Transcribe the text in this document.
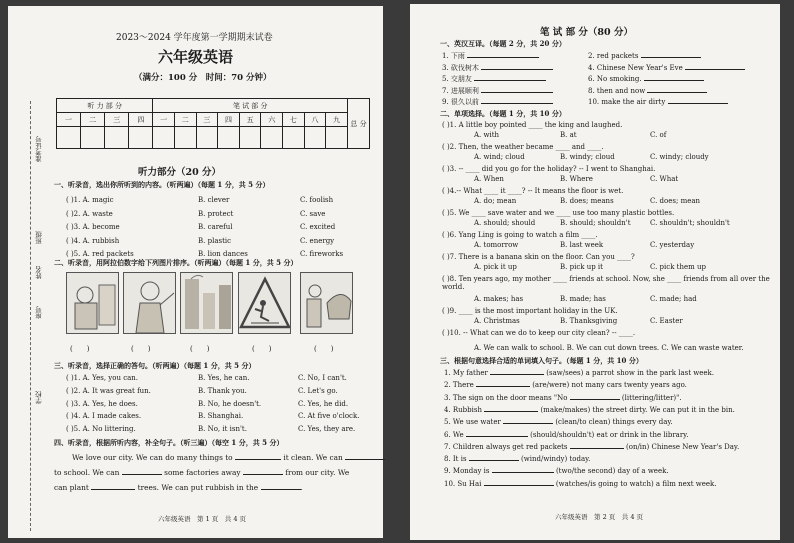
2023～2024 学年度第一学期期末试卷
六年级英语
（满分：100 分　时间：70 分钟）
准考证号
班级
姓名
座号
学校
听 力 部 分				笔 试 部 分									总 分
一	二	三	四	一	二	三	四	五	六	七	八	九	

听力部分（20 分）
一、听录音，选出你所听到的内容。（听两遍）（每题 1 分，共 5 分）
二、听录音，用阿拉伯数字给下列图片排序。（听两遍）（每题 1 分，共 5 分）
三、听录音，选择正确的答句。（听两遍）（每题 1 分，共 5 分）
四、听录音，根据所听内容，补全句子。（听三遍）（每空 1 分，共 5 分）
We love our city. We can do many things to	it clean. We can
to school. We can	some factories away	from our city. We
can plant	trees. We can put rubbish in the	.
六年级英语　第 1 页　共 4 页
( )1. A. magic	B. clever	C. foolish
( )2. A. waste	B. protect	C. save
( )3. A. become	B. careful	C. excited
( )4. A. rubbish	B. plastic	C. energy
( )5. A. red packets	B. lion dances	C. fireworks
(　　)	(　　)	(　　)	(　　)	(　　)
( )1. A. Yes, you can.	B. Yes, he can.	C. No, I can't.
( )2. A. It was great fun.	B. Thank you.	C. Let's go.
( )3. A. Yes, he does.	B. No, he doesn't.	C. Yes, he did.
( )4. A. I made cakes.	B. Shanghai.	C. At five o'clock.
( )5. A. No littering.	B. No, it isn't.	C. Yes, they are.
笔 试 部 分（80 分）
一、英汉互译。（每题 2 分，共 20 分）
二、单项选择。（每题 1 分，共 10 分）
A. We can walk to school. B. We can cut down trees. C. We can waste water.
三、根据句意选择合适的单词填入句子。（每题 1 分，共 10 分）
六年级英语　第 2 页　共 4 页
1. 下雨	2. red packets
3. 砍伐树木	4. Chinese New Year's Eve
5. 交朋友	6. No smoking.
7. 进展顺利	8. then and now
9. 很久以前	10. make the air dirty
( )1. A little boy pointed ____ the king and laughed.
A. with	B. at	C. of
( )2. Then, the weather became ____ and ____.
A. wind; cloud	B. windy; cloud	C. windy; cloudy
( )3. -- ____ did you go for the holiday? -- I went to Shanghai.
A. When	B. Where	C. What
( )4.-- What ____ it ____? -- It means the floor is wet.
A. do; mean	B. does; means	C. does; mean
( )5. We ____ save water and we ____ use too many plastic bottles.
A. should; should	B. should; shouldn't	C. shouldn't; shouldn't
( )6. Yang Ling is going to watch a film ____.
A. tomorrow	B. last week	C. yesterday
( )7. There is a banana skin on the floor. Can you ____?
A. pick it up	B. pick up it	C. pick them up
( )8. Ten years ago, my mother ____ friends at school. Now, she ____ friends from all over the world.
A. makes; has	B. made; has	C. made; had
( )9. ____ is the most important holiday in the UK.
A. Christmas	B. Thanksgiving	C. Easter
( )10. -- What can we do to keep our city clean? -- ____.
1. My father	(saw/sees) a parrot show in the park last week.
2. There	(are/were) not many cars twenty years ago.
3. The sign on the door means "No	(littering/litter)".
4. Rubbish	(make/makes) the street dirty. We can put it in the bin.
5. We use water	(clean/to clean) things every day.
6. We	(should/shouldn't) eat or drink in the library.
7. Children always get red packets	(on/in) Chinese New Year's Day.
8. It is	(wind/windy) today.
9. Monday is	(two/the second) day of a week.
10. Su Hai	(watches/is going to watch) a film next week.
